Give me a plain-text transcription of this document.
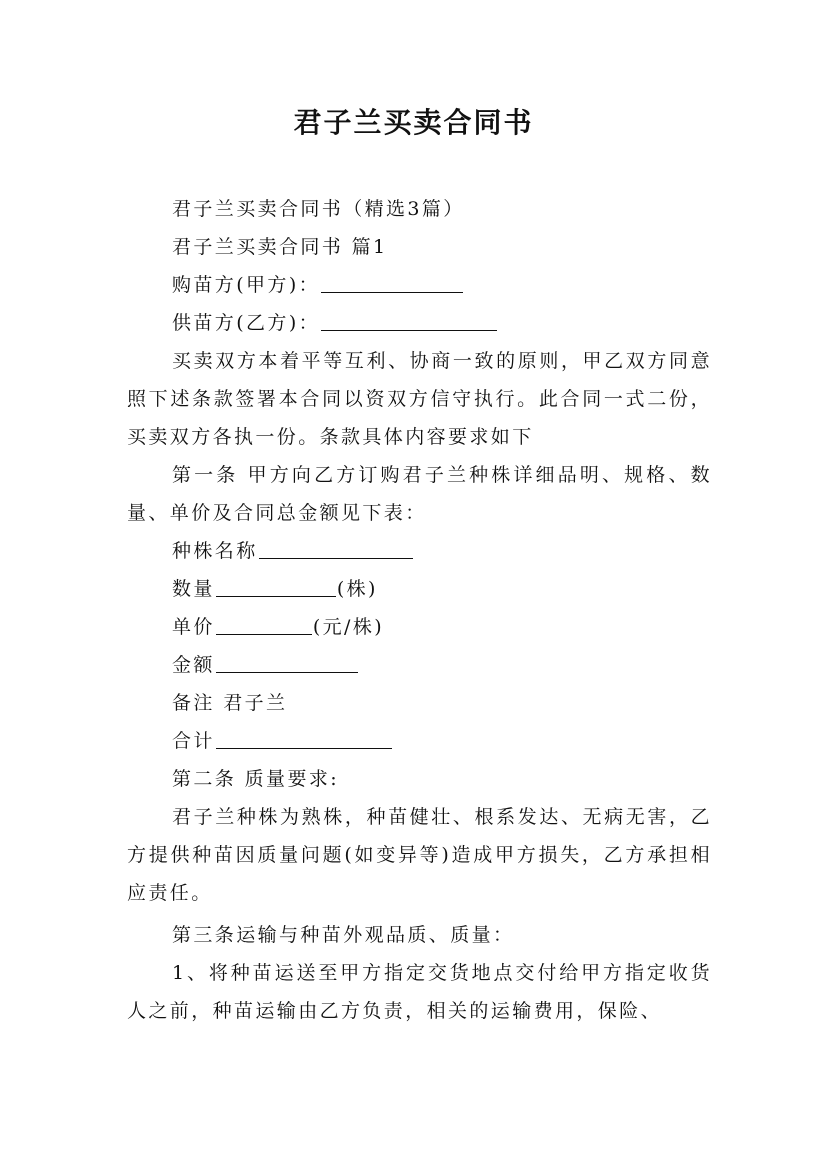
君子兰买卖合同书

君子兰买卖合同书（精选3篇）

君子兰买卖合同书 篇1

购苗方(甲方)：

供苗方(乙方)：

买卖双方本着平等互利、协商一致的原则，甲乙双方同意照下述条款签署本合同以资双方信守执行。此合同一式二份，买卖双方各执一份。条款具体内容要求如下

第一条 甲方向乙方订购君子兰种株详细品明、规格、数量、单价及合同总金额见下表：

种株名称

数量	(株)

单价	(元/株)

金额

备注 君子兰

合计

第二条 质量要求:

君子兰种株为熟株，种苗健壮、根系发达、无病无害，乙方提供种苗因质量问题(如变异等)造成甲方损失，乙方承担相应责任。

第三条运输与种苗外观品质、质量：

1、将种苗运送至甲方指定交货地点交付给甲方指定收货人之前，种苗运输由乙方负责，相关的运输费用，保险、
